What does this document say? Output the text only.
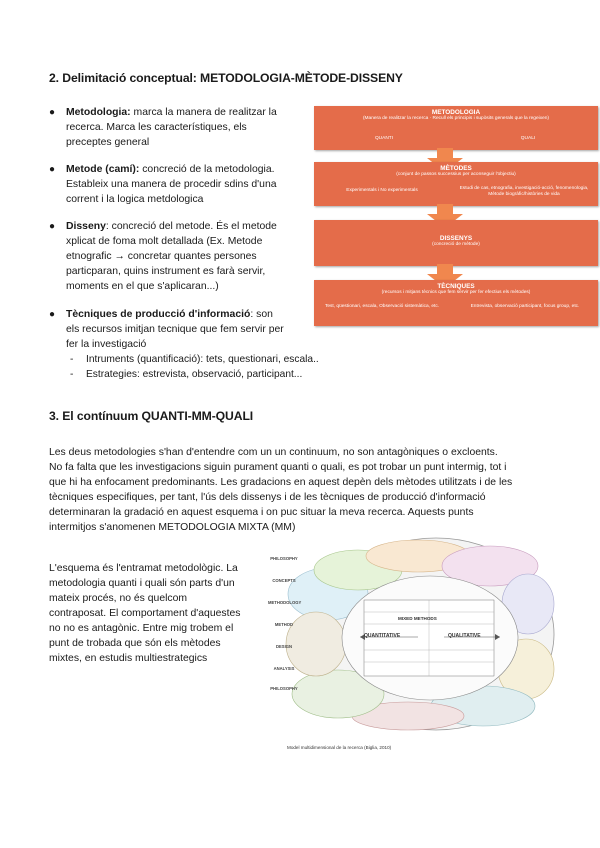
2. Delimitació conceptual: METODOLOGIA-MÈTODE-DISSENY
● Metodologia: marca la manera de realitzar la
recerca. Marca les característiques, els
preceptes general
● Metode (camí): concreció de la metodologia.
Estableix una manera de procedir sdins d'una
corrent i la logica metdologica
● Disseny: concreció del metode. És el metode
xplicat de foma molt detallada (Ex. Metode
etnografic → concretar quantes persones
particparan, quins instrument es farà servir,
moments en el que s'aplicaran...)
● Tècniques de producció d'informació: son
els recursos imitjan tecnique que fem servir per
fer la investigació
- Intruments (quantificació): tets, questionari, escala..
- Estrategies: estrevista, observació, participant...
METODOLOGIA
(Manera de realitzar la recerca · Recull els principis i supòsits generals que la regeixen)
QUANTI	QUALI
MÈTODES
(conjunt de passos successius per aconseguir l'objectiu)
Experimentals i No experimentals	Estudi de cas, etnografia, investigació-acció, fenomenologia, Mètode biogràfic/històries de vida
DISSENYS
(concreció de mètode)
TÈCNIQUES
(recursos i mitjans tècnics que fem servir per fer efectius els mètodes)
Test, qüestionari, escala, Observació sistemàtica, etc.	Entrevista, observació participant, focus group, etc.
3. El contínuum QUANTI-MM-QUALI
Les deus metodologies s'han d'entendre com un un continuum, no son antagòniques o excloents.
No fa falta que les investigacions siguin purament quanti o quali, es pot trobar un punt intermig, tot i
que hi ha enfocament predominants. Les gradacions en aquest depèn dels mètodes utilitzats i de les
tècniques especifiques, per tant, l'ús dels dissenys i de les tècniques de producció d'informació
determinaran la gradació en aquest esquema i on puc situar la meva recerca. Aquests punts
intermitjos s'anomenen METODOLOGIA MIXTA (MM)
L'esquema és l'entramat metodològic. La
metodologia quanti i quali són parts d'un
mateix procés, no és quelcom
contraposat. El comportament d'aquestes
no no es antagònic. Entre mig trobem el
punt de trobada que són els mètodes
mixtes, en estudis multiestrategics
PHILOSOPHY
CONCEPTS
METHODOLOGY
METHOD
DESIGN
ANALYSIS
PHILOSOPHY
QUANTITATIVE	QUALITATIVE
MIXED METHODS
Model multidimensional de la recerca (Biglia, 2010)
